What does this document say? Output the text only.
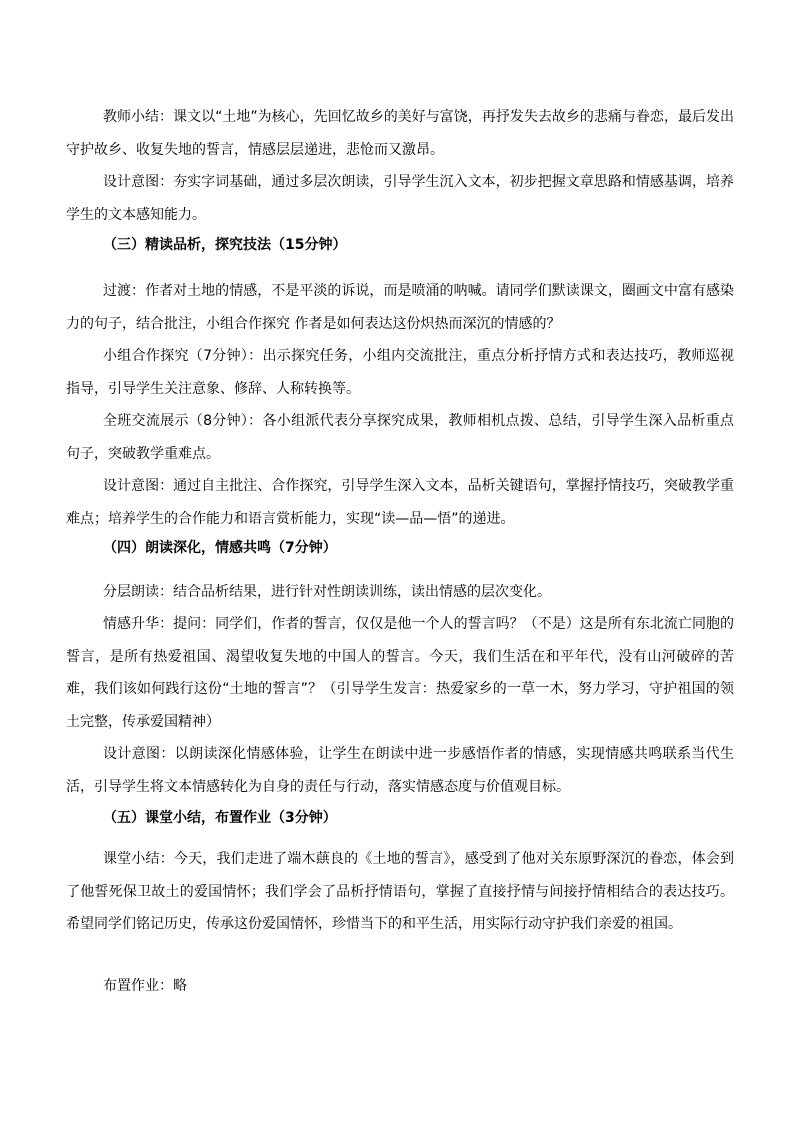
教师小结：课文以“土地”为核心，先回忆故乡的美好与富饶，再抒发失去故乡的悲痛与眷恋，最后发出守护故乡、收复失地的誓言，情感层层递进，悲怆而又激昂。

设计意图：夯实字词基础，通过多层次朗读，引导学生沉入文本，初步把握文章思路和情感基调，培养学生的文本感知能力。

（三）精读品析，探究技法（15分钟）

过渡：作者对土地的情感，不是平淡的诉说，而是喷涌的呐喊。请同学们默读课文，圈画文中富有感染力的句子，结合批注，小组合作探究 作者是如何表达这份炽热而深沉的情感的？

小组合作探究（7分钟）：出示探究任务，小组内交流批注，重点分析抒情方式和表达技巧，教师巡视指导，引导学生关注意象、修辞、人称转换等。

全班交流展示（8分钟）：各小组派代表分享探究成果，教师相机点拨、总结，引导学生深入品析重点句子，突破教学重难点。

设计意图：通过自主批注、合作探究，引导学生深入文本，品析关键语句，掌握抒情技巧，突破教学重难点；培养学生的合作能力和语言赏析能力，实现“读—品—悟”的递进。

（四）朗读深化，情感共鸣（7分钟）

分层朗读：结合品析结果，进行针对性朗读训练，读出情感的层次变化。

情感升华：提问：同学们，作者的誓言，仅仅是他一个人的誓言吗？（不是）这是所有东北流亡同胞的誓言，是所有热爱祖国、渴望收复失地的中国人的誓言。今天，我们生活在和平年代，没有山河破碎的苦难，我们该如何践行这份“土地的誓言”？（引导学生发言：热爱家乡的一草一木，努力学习，守护祖国的领土完整，传承爱国精神）

设计意图：以朗读深化情感体验，让学生在朗读中进一步感悟作者的情感，实现情感共鸣联系当代生活，引导学生将文本情感转化为自身的责任与行动，落实情感态度与价值观目标。

（五）课堂小结，布置作业（3分钟）

课堂小结：今天，我们走进了端木蕻良的《土地的誓言》，感受到了他对关东原野深沉的眷恋，体会到了他誓死保卫故土的爱国情怀；我们学会了品析抒情语句，掌握了直接抒情与间接抒情相结合的表达技巧。希望同学们铭记历史，传承这份爱国情怀，珍惜当下的和平生活，用实际行动守护我们亲爱的祖国。

布置作业：略
